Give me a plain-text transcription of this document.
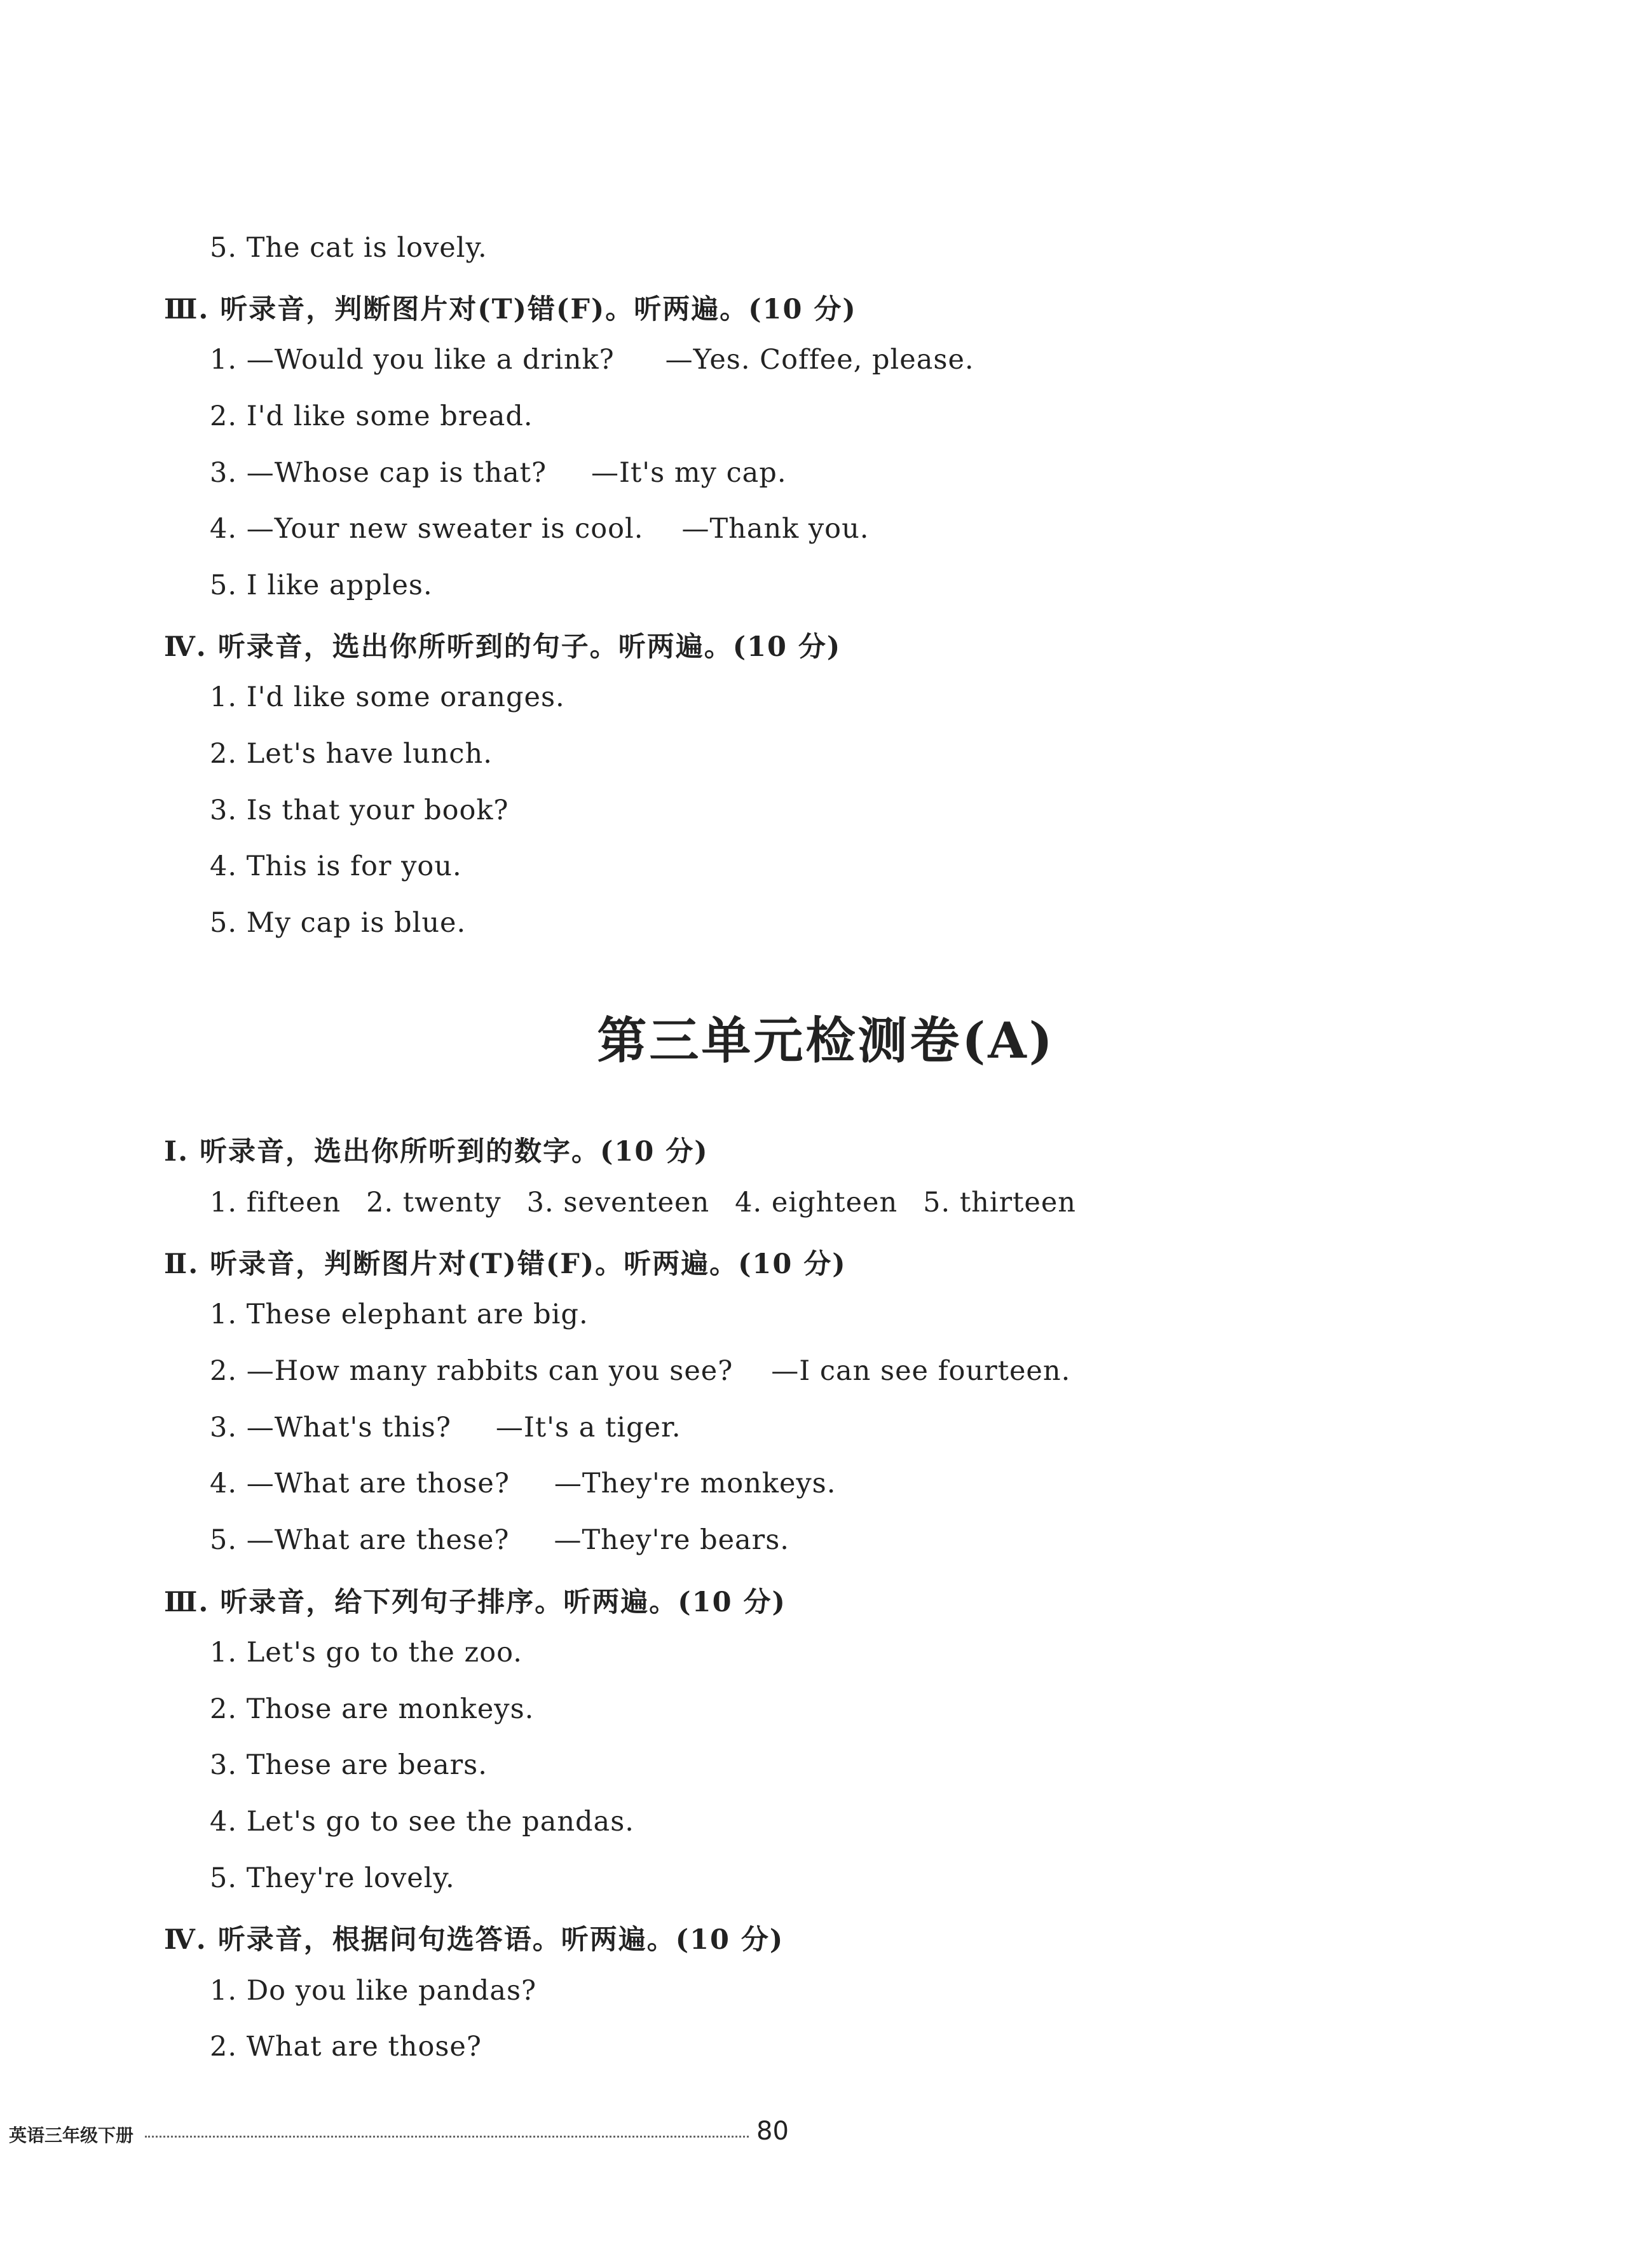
5. The cat is lovely.
Ⅲ. 听录音，判断图片对(T)错(F)。听两遍。(10 分)
1. —Would you like a drink? —Yes. Coffee, please.
2. I'd like some bread.
3. —Whose cap is that? —It's my cap.
4. —Your new sweater is cool. —Thank you.
5. I like apples.
Ⅳ. 听录音，选出你所听到的句子。听两遍。(10 分)
1. I'd like some oranges.
2. Let's have lunch.
3. Is that your book?
4. This is for you.
5. My cap is blue.
第三单元检测卷(A)
Ⅰ. 听录音，选出你所听到的数字。(10 分)
1. fifteen 2. twenty 3. seventeen 4. eighteen 5. thirteen
Ⅱ. 听录音，判断图片对(T)错(F)。听两遍。(10 分)
1. These elephant are big.
2. —How many rabbits can you see? —I can see fourteen.
3. —What's this? —It's a tiger.
4. —What are those? —They're monkeys.
5. —What are these? —They're bears.
Ⅲ. 听录音，给下列句子排序。听两遍。(10 分)
1. Let's go to the zoo.
2. Those are monkeys.
3. These are bears.
4. Let's go to see the pandas.
5. They're lovely.
Ⅳ. 听录音，根据问句选答语。听两遍。(10 分)
1. Do you like pandas?
2. What are those?
英语三年级下册	80
